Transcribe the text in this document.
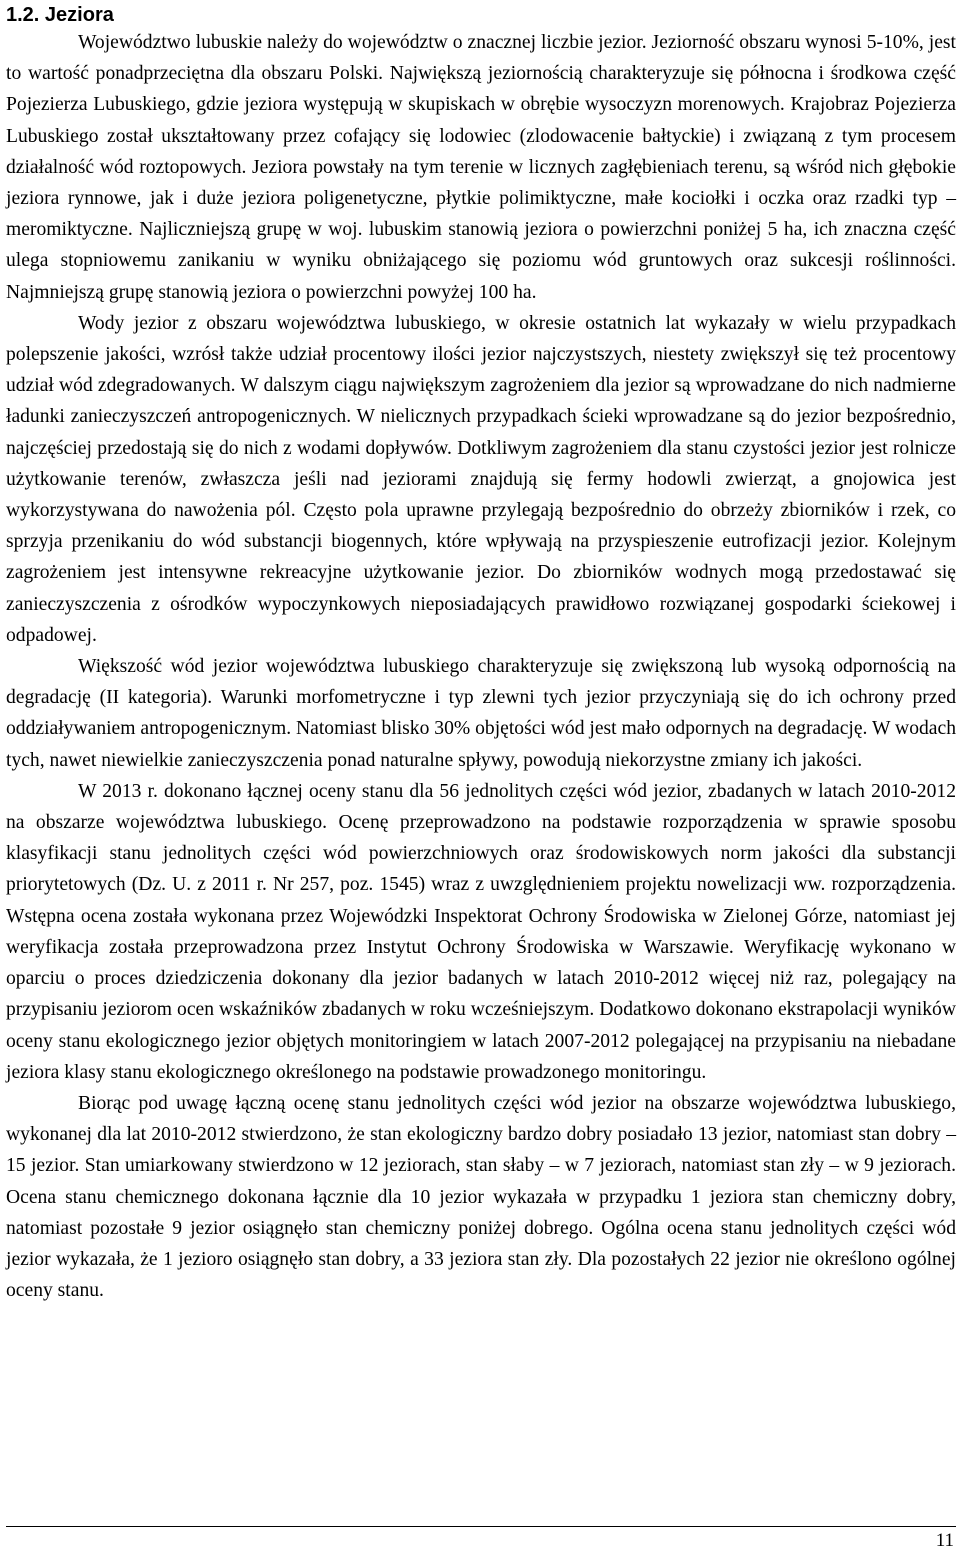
1.2. Jeziora

Województwo lubuskie należy do województw o znacznej liczbie jezior. Jeziorność obszaru wynosi 5-10%, jest to wartość ponadprzeciętna dla obszaru Polski. Największą jeziornością charakteryzuje się północna i środkowa część Pojezierza Lubuskiego, gdzie jeziora występują w skupiskach w obrębie wysoczyzn morenowych. Krajobraz Pojezierza Lubuskiego został ukształtowany przez cofający się lodowiec (zlodowacenie bałtyckie) i związaną z tym procesem działalność wód roztopowych. Jeziora powstały na tym terenie w licznych zagłębieniach terenu, są wśród nich głębokie jeziora rynnowe, jak i duże jeziora poligenetyczne, płytkie polimiktyczne, małe kociołki i oczka oraz rzadki typ – meromiktyczne. Najliczniejszą grupę w woj. lubuskim stanowią jeziora o powierzchni poniżej 5 ha, ich znaczna część ulega stopniowemu zanikaniu w wyniku obniżającego się poziomu wód gruntowych oraz sukcesji roślinności. Najmniejszą grupę stanowią jeziora o powierzchni powyżej 100 ha.

Wody jezior z obszaru województwa lubuskiego, w okresie ostatnich lat wykazały w wielu przypadkach polepszenie jakości, wzrósł także udział procentowy ilości jezior najczystszych, niestety zwiększył się też procentowy udział wód zdegradowanych. W dalszym ciągu największym zagrożeniem dla jezior są wprowadzane do nich nadmierne ładunki zanieczyszczeń antropogenicznych. W nielicznych przypadkach ścieki wprowadzane są do jezior bezpośrednio, najczęściej przedostają się do nich z wodami dopływów. Dotkliwym zagrożeniem dla stanu czystości jezior jest rolnicze użytkowanie terenów, zwłaszcza jeśli nad jeziorami znajdują się fermy hodowli zwierząt, a gnojowica jest wykorzystywana do nawożenia pól. Często pola uprawne przylegają bezpośrednio do obrzeży zbiorników i rzek, co sprzyja przenikaniu do wód substancji biogennych, które wpływają na przyspieszenie eutrofizacji jezior. Kolejnym zagrożeniem jest intensywne rekreacyjne użytkowanie jezior. Do zbiorników wodnych mogą przedostawać się zanieczyszczenia z ośrodków wypoczynkowych nieposiadających prawidłowo rozwiązanej gospodarki ściekowej i odpadowej.

Większość wód jezior województwa lubuskiego charakteryzuje się zwiększoną lub wysoką odpornością na degradację (II kategoria). Warunki morfometryczne i typ zlewni tych jezior przyczyniają się do ich ochrony przed oddziaływaniem antropogenicznym. Natomiast blisko 30% objętości wód jest mało odpornych na degradację. W wodach tych, nawet niewielkie zanieczyszczenia ponad naturalne spływy, powodują niekorzystne zmiany ich jakości.

W 2013 r. dokonano łącznej oceny stanu dla 56 jednolitych części wód jezior, zbadanych w latach 2010-2012 na obszarze województwa lubuskiego. Ocenę przeprowadzono na podstawie rozporządzenia w sprawie sposobu klasyfikacji stanu jednolitych części wód powierzchniowych oraz środowiskowych norm jakości dla substancji priorytetowych (Dz. U. z 2011 r. Nr 257, poz. 1545) wraz z uwzględnieniem projektu nowelizacji ww. rozporządzenia. Wstępna ocena została wykonana przez Wojewódzki Inspektorat Ochrony Środowiska w Zielonej Górze, natomiast jej weryfikacja została przeprowadzona przez Instytut Ochrony Środowiska w Warszawie. Weryfikację wykonano w oparciu o proces dziedziczenia dokonany dla jezior badanych w latach 2010-2012 więcej niż raz, polegający na przypisaniu jeziorom ocen wskaźników zbadanych w roku wcześniejszym. Dodatkowo dokonano ekstrapolacji wyników oceny stanu ekologicznego jezior objętych monitoringiem w latach 2007-2012 polegającej na przypisaniu na niebadane jeziora klasy stanu ekologicznego określonego na podstawie prowadzonego monitoringu.

Biorąc pod uwagę łączną ocenę stanu jednolitych części wód jezior na obszarze województwa lubuskiego, wykonanej dla lat 2010-2012 stwierdzono, że stan ekologiczny bardzo dobry posiadało 13 jezior, natomiast stan dobry – 15 jezior. Stan umiarkowany stwierdzono w 12 jeziorach, stan słaby – w 7 jeziorach, natomiast stan zły – w 9 jeziorach. Ocena stanu chemicznego dokonana łącznie dla 10 jezior wykazała w przypadku 1 jeziora stan chemiczny dobry, natomiast pozostałe 9 jezior osiągnęło stan chemiczny poniżej dobrego. Ogólna ocena stanu jednolitych części wód jezior wykazała, że 1 jezioro osiągnęło stan dobry, a 33 jeziora stan zły. Dla pozostałych 22 jezior nie określono ogólnej oceny stanu.

11
